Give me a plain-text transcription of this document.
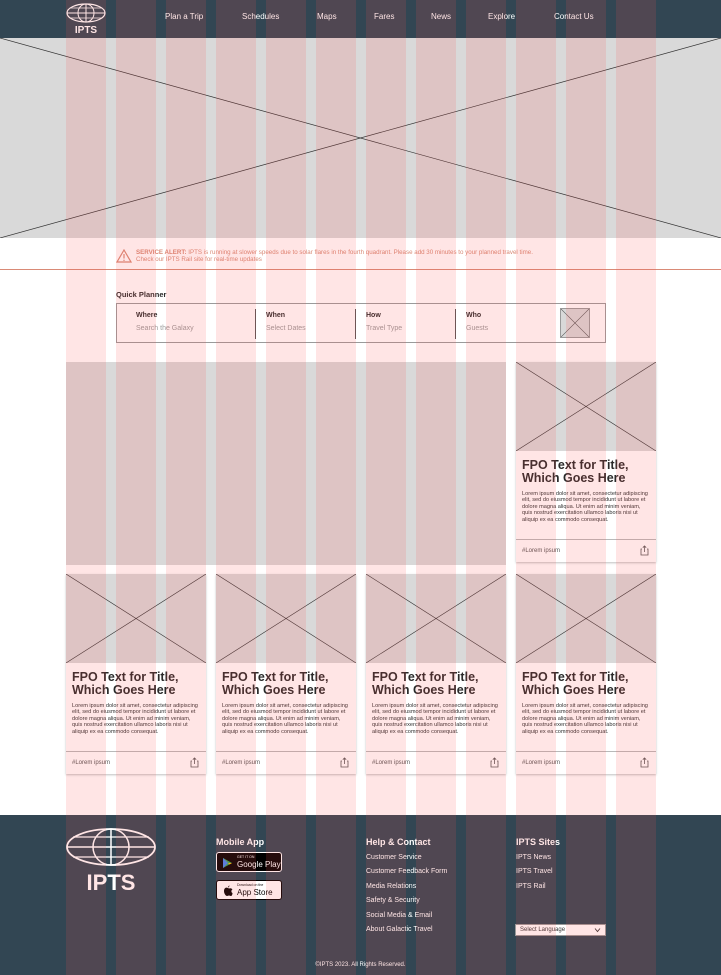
IPTS
Plan a Trip	Schedules	Maps	Fares	News	Explore	Contact Us
SERVICE ALERT: IPTS is running at slower speeds due to solar flares in the fourth quadrant. Please add 30 minutes to your planned travel time.
Check our IPTS Rail site for real-time updates
Quick Planner
Where
Search the Galaxy
When
Select Dates
How
Travel Type
Who
Guests
FPO Text for Title, Which Goes Here
Lorem ipsum dolor sit amet, consectetur adipiscing elit, sed do eiusmod tempor incididunt ut labore et dolore magna aliqua. Ut enim ad minim veniam, quis nostrud exercitation ullamco laboris nisi ut aliquip ex ea commodo consequat.
#Lorem ipsum
FPO Text for Title, Which Goes Here
Lorem ipsum dolor sit amet, consectetur adipiscing elit, sed do eiusmod tempor incididunt ut labore et dolore magna aliqua. Ut enim ad minim veniam, quis nostrud exercitation ullamco laboris nisi ut aliquip ex ea commodo consequat.
#Lorem ipsum
FPO Text for Title, Which Goes Here
Lorem ipsum dolor sit amet, consectetur adipiscing elit, sed do eiusmod tempor incididunt ut labore et dolore magna aliqua. Ut enim ad minim veniam, quis nostrud exercitation ullamco laboris nisi ut aliquip ex ea commodo consequat.
#Lorem ipsum
FPO Text for Title, Which Goes Here
Lorem ipsum dolor sit amet, consectetur adipiscing elit, sed do eiusmod tempor incididunt ut labore et dolore magna aliqua. Ut enim ad minim veniam, quis nostrud exercitation ullamco laboris nisi ut aliquip ex ea commodo consequat.
#Lorem ipsum
FPO Text for Title, Which Goes Here
Lorem ipsum dolor sit amet, consectetur adipiscing elit, sed do eiusmod tempor incididunt ut labore et dolore magna aliqua. Ut enim ad minim veniam, quis nostrud exercitation ullamco laboris nisi ut aliquip ex ea commodo consequat.
#Lorem ipsum
IPTS
Mobile App
GET IT ON
Google Play
Download on the
App Store
Help & Contact
Customer Service
Customer Feedback Form
Media Relations
Safety & Security
Social Media & Email
About Galactic Travel
IPTS Sites
IPTS News
IPTS Travel
IPTS Rail
Select Language
©IPTS 2023. All Rights Reserved.
